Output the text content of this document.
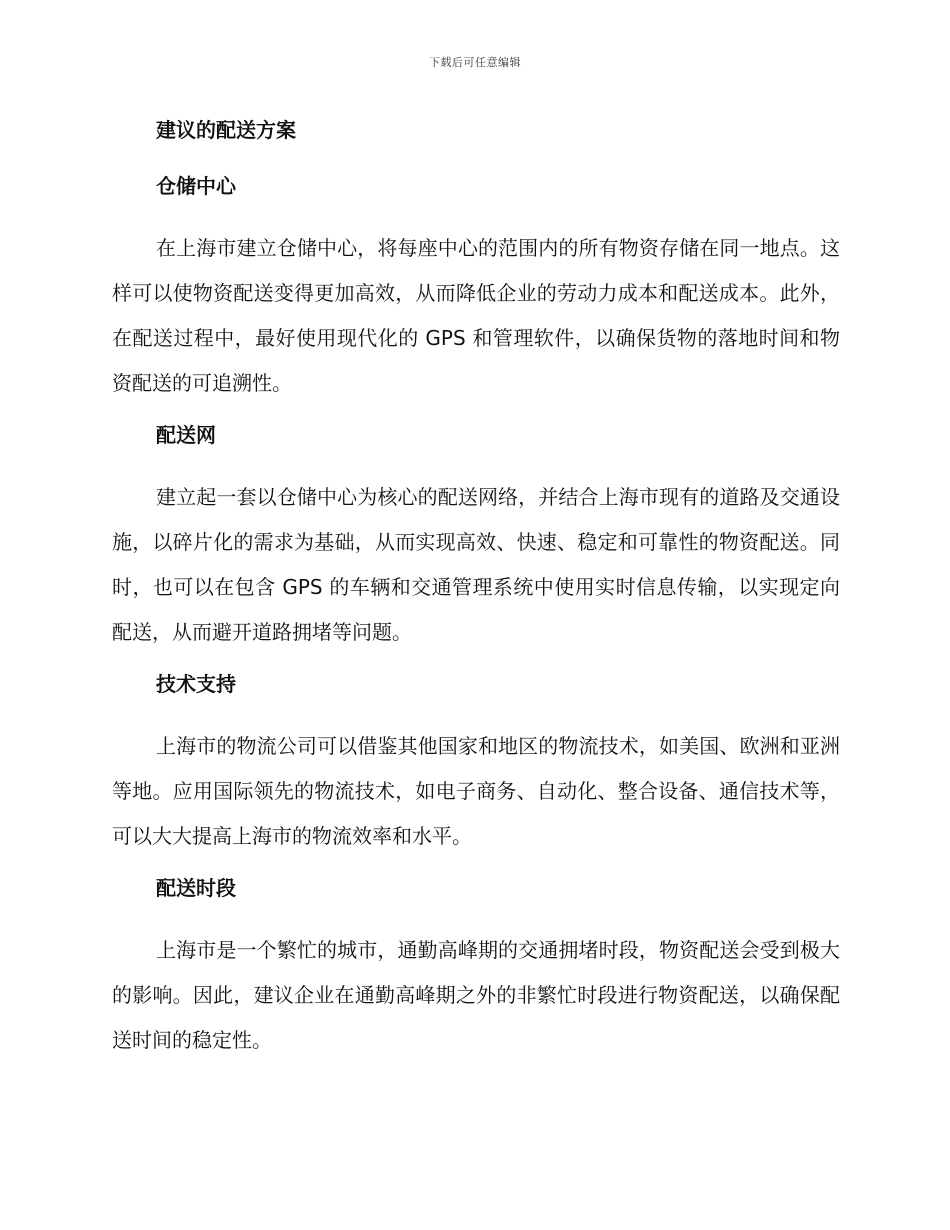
下载后可任意编辑
建议的配送方案
仓储中心

在上海市建立仓储中心，将每座中心的范围内的所有物资存储在同一地点。这样可以使物资配送变得更加高效，从而降低企业的劳动力成本和配送成本。此外，在配送过程中，最好使用现代化的 GPS 和管理软件，以确保货物的落地时间和物资配送的可追溯性。

配送网

建立起一套以仓储中心为核心的配送网络，并结合上海市现有的道路及交通设施，以碎片化的需求为基础，从而实现高效、快速、稳定和可靠性的物资配送。同时，也可以在包含 GPS 的车辆和交通管理系统中使用实时信息传输，以实现定向配送，从而避开道路拥堵等问题。

技术支持

上海市的物流公司可以借鉴其他国家和地区的物流技术，如美国、欧洲和亚洲等地。应用国际领先的物流技术，如电子商务、自动化、整合设备、通信技术等，可以大大提高上海市的物流效率和水平。

配送时段

上海市是一个繁忙的城市，通勤高峰期的交通拥堵时段，物资配送会受到极大的影响。因此，建议企业在通勤高峰期之外的非繁忙时段进行物资配送，以确保配送时间的稳定性。
